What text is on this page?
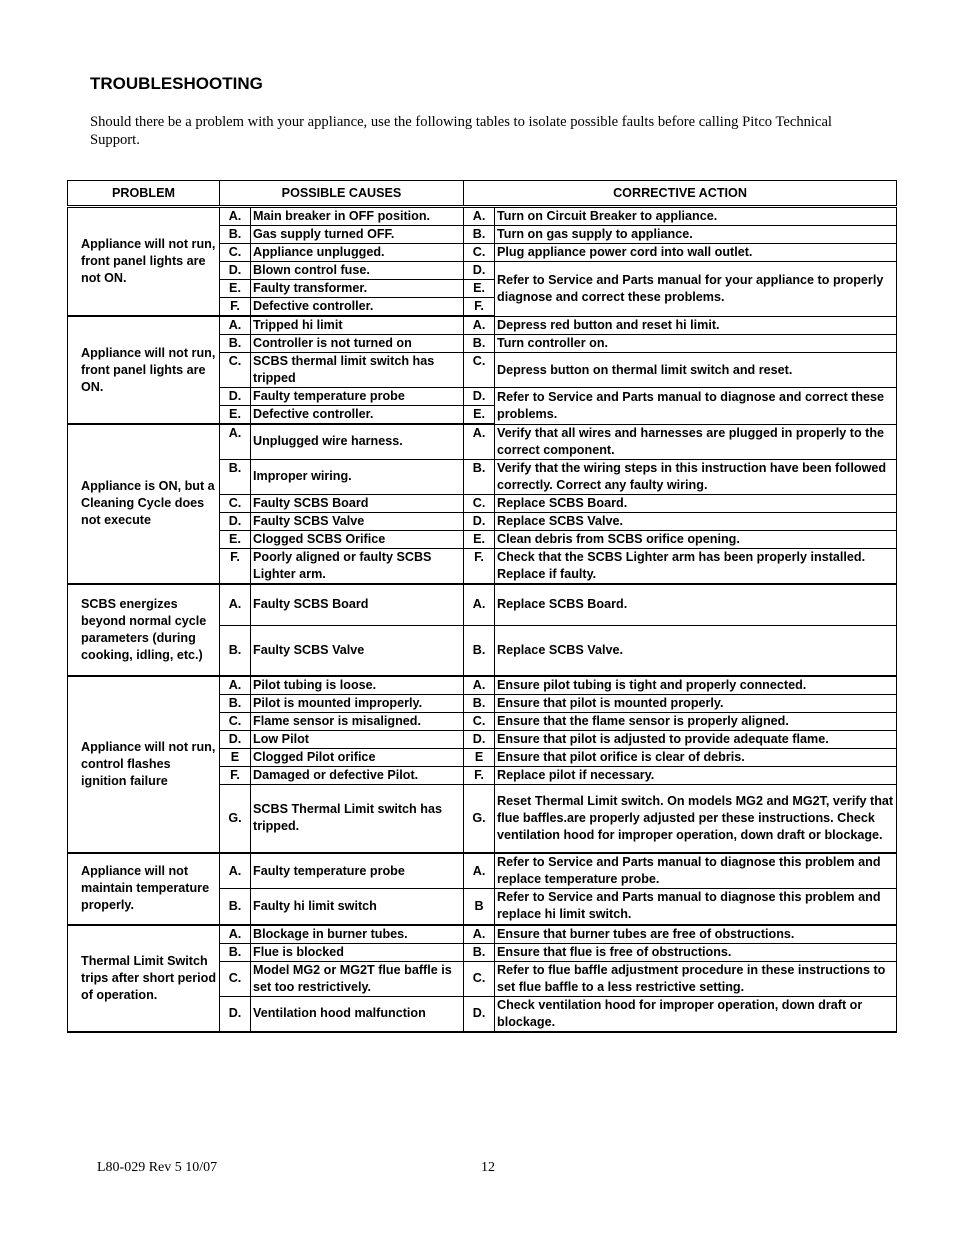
TROUBLESHOOTING
Should there be a problem with your appliance, use the following tables to isolate possible faults before calling Pitco Technical Support.
PROBLEM	POSSIBLE CAUSES		CORRECTIVE ACTION	
Appliance will not run, front panel lights are not ON.	A.	Main breaker in OFF position.	A.	Turn on Circuit Breaker to appliance.
	B.	Gas supply turned OFF.	B.	Turn on gas supply to appliance.
	C.	Appliance unplugged.	C.	Plug appliance power cord into wall outlet.
	D.	Blown control fuse.	D.	Refer to Service and Parts manual for your appliance to properly diagnose and correct these problems.
	E.	Faulty transformer.	E.	
	F.	Defective controller.	F.	
Appliance will not run, front panel lights are ON.	A.	Tripped hi limit	A.	Depress red button and reset hi limit.
	B.	Controller is not turned on	B.	Turn controller on.
	C.	SCBS thermal limit switch has tripped	C.	Depress button on thermal limit switch and reset.
	D.	Faulty temperature probe	D.	Refer to Service and Parts manual to diagnose and correct these problems.
	E.	Defective controller.	E.	
Appliance is ON, but a Cleaning Cycle does not execute	A.	Unplugged wire harness.	A.	Verify that all wires and harnesses are plugged in properly to the correct component.
	B.	Improper wiring.	B.	Verify that the wiring steps in this instruction have been followed correctly. Correct any faulty wiring.
	C.	Faulty SCBS Board	C.	Replace SCBS Board.
	D.	Faulty SCBS Valve	D.	Replace SCBS Valve.
	E.	Clogged SCBS Orifice	E.	Clean debris from SCBS orifice opening.
	F.	Poorly aligned or faulty SCBS Lighter arm.	F.	Check that the SCBS Lighter arm has been properly installed. Replace if faulty.
SCBS energizes beyond normal cycle parameters (during cooking, idling, etc.)	A.	Faulty SCBS Board	A.	Replace SCBS Board.
	B.	Faulty SCBS Valve	B.	Replace SCBS Valve.
Appliance will not run, control flashes ignition failure	A.	Pilot tubing is loose.	A.	Ensure pilot tubing is tight and properly connected.
	B.	Pilot is mounted improperly.	B.	Ensure that pilot is mounted properly.
	C.	Flame sensor is misaligned.	C.	Ensure that the flame sensor is properly aligned.
	D.	Low Pilot	D.	Ensure that pilot is adjusted to provide adequate flame.
	E	Clogged Pilot orifice	E	Ensure that pilot orifice is clear of debris.
	F.	Damaged or defective Pilot.	F.	Replace pilot if necessary.
	G.	SCBS Thermal Limit switch has tripped.	G.	Reset Thermal Limit switch. On models MG2 and MG2T, verify that flue baffles.are properly adjusted per these instructions. Check ventilation hood for improper operation, down draft or blockage.
Appliance will not maintain temperature properly.	A.	Faulty temperature probe	A.	Refer to Service and Parts manual to diagnose this problem and replace temperature probe.
	B.	Faulty hi limit switch	B	Refer to Service and Parts manual to diagnose this problem and replace hi limit switch.
Thermal Limit Switch trips after short period of operation.	A.	Blockage in burner tubes.	A.	Ensure that burner tubes are free of obstructions.
	B.	Flue is blocked	B.	Ensure that flue is free of obstructions.
	C.	Model MG2 or MG2T flue baffle is set too restrictively.	C.	Refer to flue baffle adjustment procedure in these instructions to set flue baffle to a less restrictive setting.
	D.	Ventilation hood malfunction	D.	Check ventilation hood for improper operation, down draft or blockage.
L80-029 Rev 5 10/07	12
